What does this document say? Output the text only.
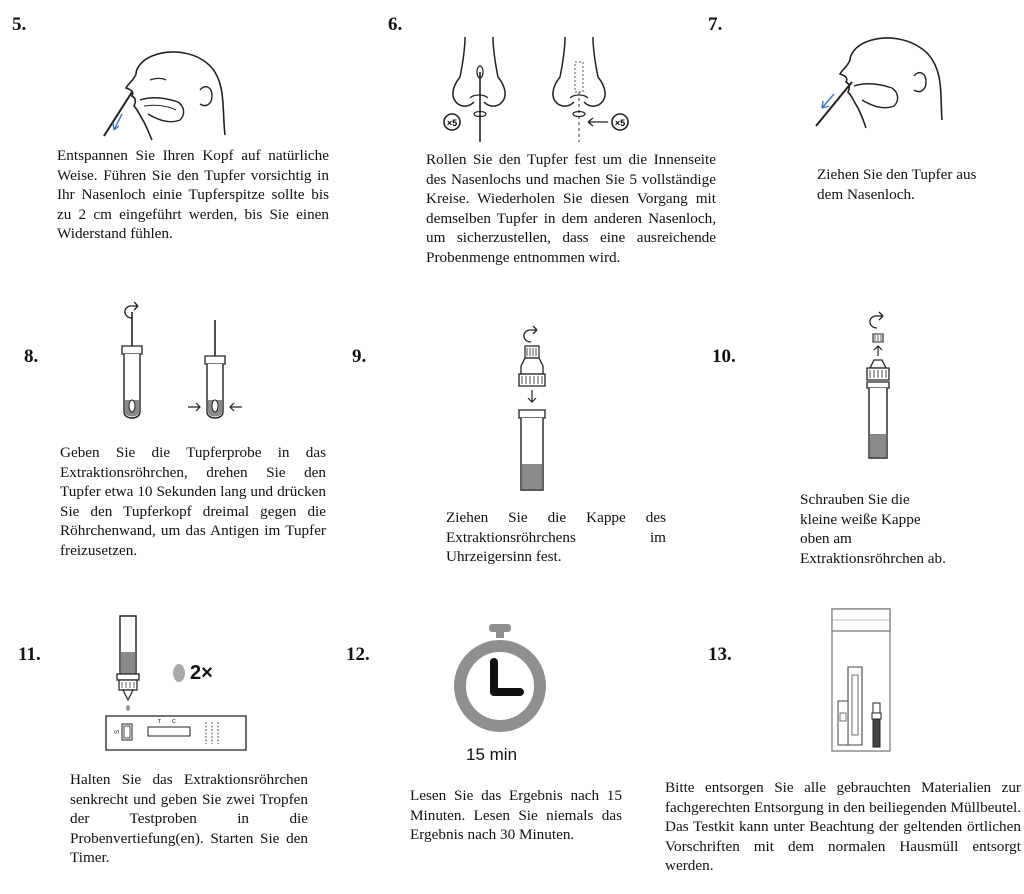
5.
Entspannen Sie Ihren Kopf auf natürliche Weise. Führen Sie den Tupfer vorsichtig in Ihr Nasenloch einie Tupferspitze sollte bis zu 2 cm eingeführt werden, bis Sie einen Widerstand fühlen.
6.
×5	×5
Rollen Sie den Tupfer fest um die Innenseite des Nasenlochs und machen Sie 5 vollständige Kreise. Wiederholen Sie diesen Vorgang mit demselben Tupfer in dem anderen Nasenloch, um sicherzustellen, dass eine ausreichende Probenmenge entnommen wird.
7.
Ziehen Sie den Tupfer aus dem Nasenloch.
8.
Geben Sie die Tupferprobe in das Extraktionsröhrchen, drehen Sie den Tupfer etwa 10 Sekunden lang und drücken Sie den Tupferkopf dreimal gegen die Röhrchenwand, um das Antigen im Tupfer freizusetzen.
9.
Ziehen Sie die Kappe des Extraktionsröhrchens im Uhrzeigersinn fest.
10.
Schrauben Sie die
kleine weiße Kappe
oben am
Extraktionsröhrchen ab.
11.
S
T C
2×
Halten Sie das Extraktionsröhrchen senkrecht und geben Sie zwei Tropfen der Testproben in die Probenvertiefung(en). Starten Sie den Timer.
12.
15 min
Lesen Sie das Ergebnis nach 15 Minuten. Lesen Sie niemals das Ergebnis nach 30 Minuten.
13.
Bitte entsorgen Sie alle gebrauchten Materialien zur fachgerechten Entsorgung in den beiliegenden Müllbeutel. Das Testkit kann unter Beachtung der geltenden örtlichen Vorschriften mit dem normalen Hausmüll entsorgt werden.
